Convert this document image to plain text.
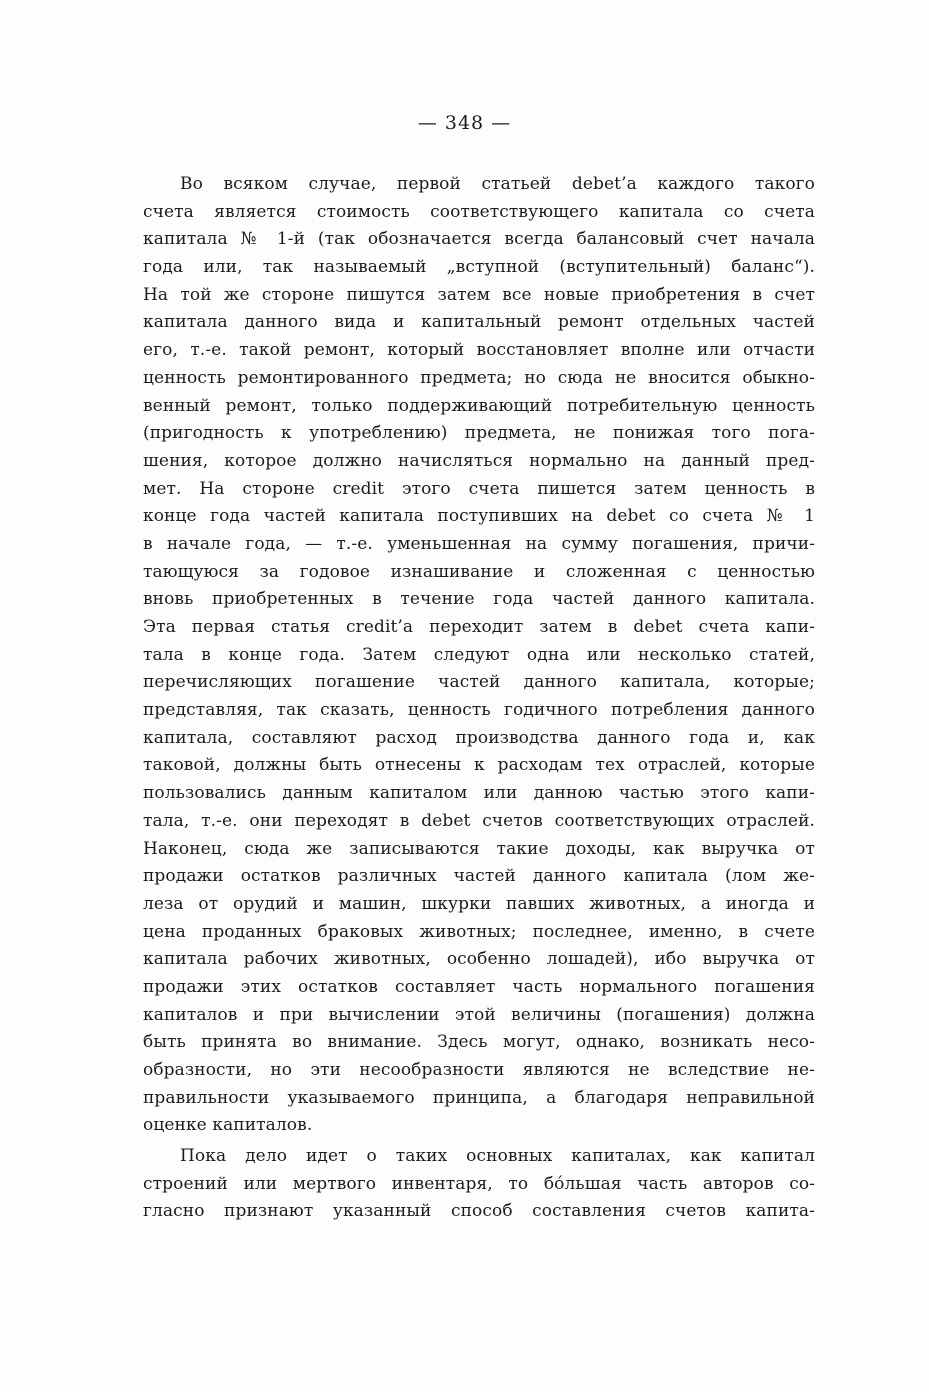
— 348 —
Во всяком случае, первой статьей debet’а каждого такого
счета является стоимость соответствующего капитала со счета
капитала № 1-й (так обозначается всегда балансовый счет начала
года или, так называемый „вступной (вступительный) баланс“).
На той же стороне пишутся затем все новые приобретения в счет
капитала данного вида и капитальный ремонт отдельных частей
его, т.-е. такой ремонт, который восстановляет вполне или отчасти
ценность ремонтированного предмета; но сюда не вносится обыкно-
венный ремонт, только поддерживающий потребительную ценность
(пригодность к употреблению) предмета, не понижая того пога-
шения, которое должно начисляться нормально на данный пред-
мет. На стороне credit этого счета пишется затем ценность в
конце года частей капитала поступивших на debet со счета № 1
в начале года, — т.-е. уменьшенная на сумму погашения, причи-
тающуюся за годовое изнашивание и сложенная с ценностью
вновь приобретенных в течение года частей данного капитала.
Эта первая статья credit’а переходит затем в debet счета капи-
тала в конце года. Затем следуют одна или несколько статей,
перечисляющих погашение частей данного капитала, которые;
представляя, так сказать, ценность годичного потребления данного
капитала, составляют расход производства данного года и, как
таковой, должны быть отнесены к расходам тех отраслей, которые
пользовались данным капиталом или данною частью этого капи-
тала, т.-е. они переходят в debet счетов соответствующих отраслей.
Наконец, сюда же записываются такие доходы, как выручка от
продажи остатков различных частей данного капитала (лом же-
леза от орудий и машин, шкурки павших животных, а иногда и
цена проданных браковых животных; последнее, именно, в счете
капитала рабочих животных, особенно лошадей), ибо выручка от
продажи этих остатков составляет часть нормального погашения
капиталов и при вычислении этой величины (погашения) должна
быть принята во внимание. Здесь могут, однако, возникать несо-
образности, но эти несообразности являются не вследствие не-
правильности указываемого принципа, а благодаря неправильной
оценке капиталов.
Пока дело идет о таких основных капиталах, как капитал
строений или мертвого инвентаря, то бо́льшая часть авторов со-
гласно признают указанный способ составления счетов капита-
